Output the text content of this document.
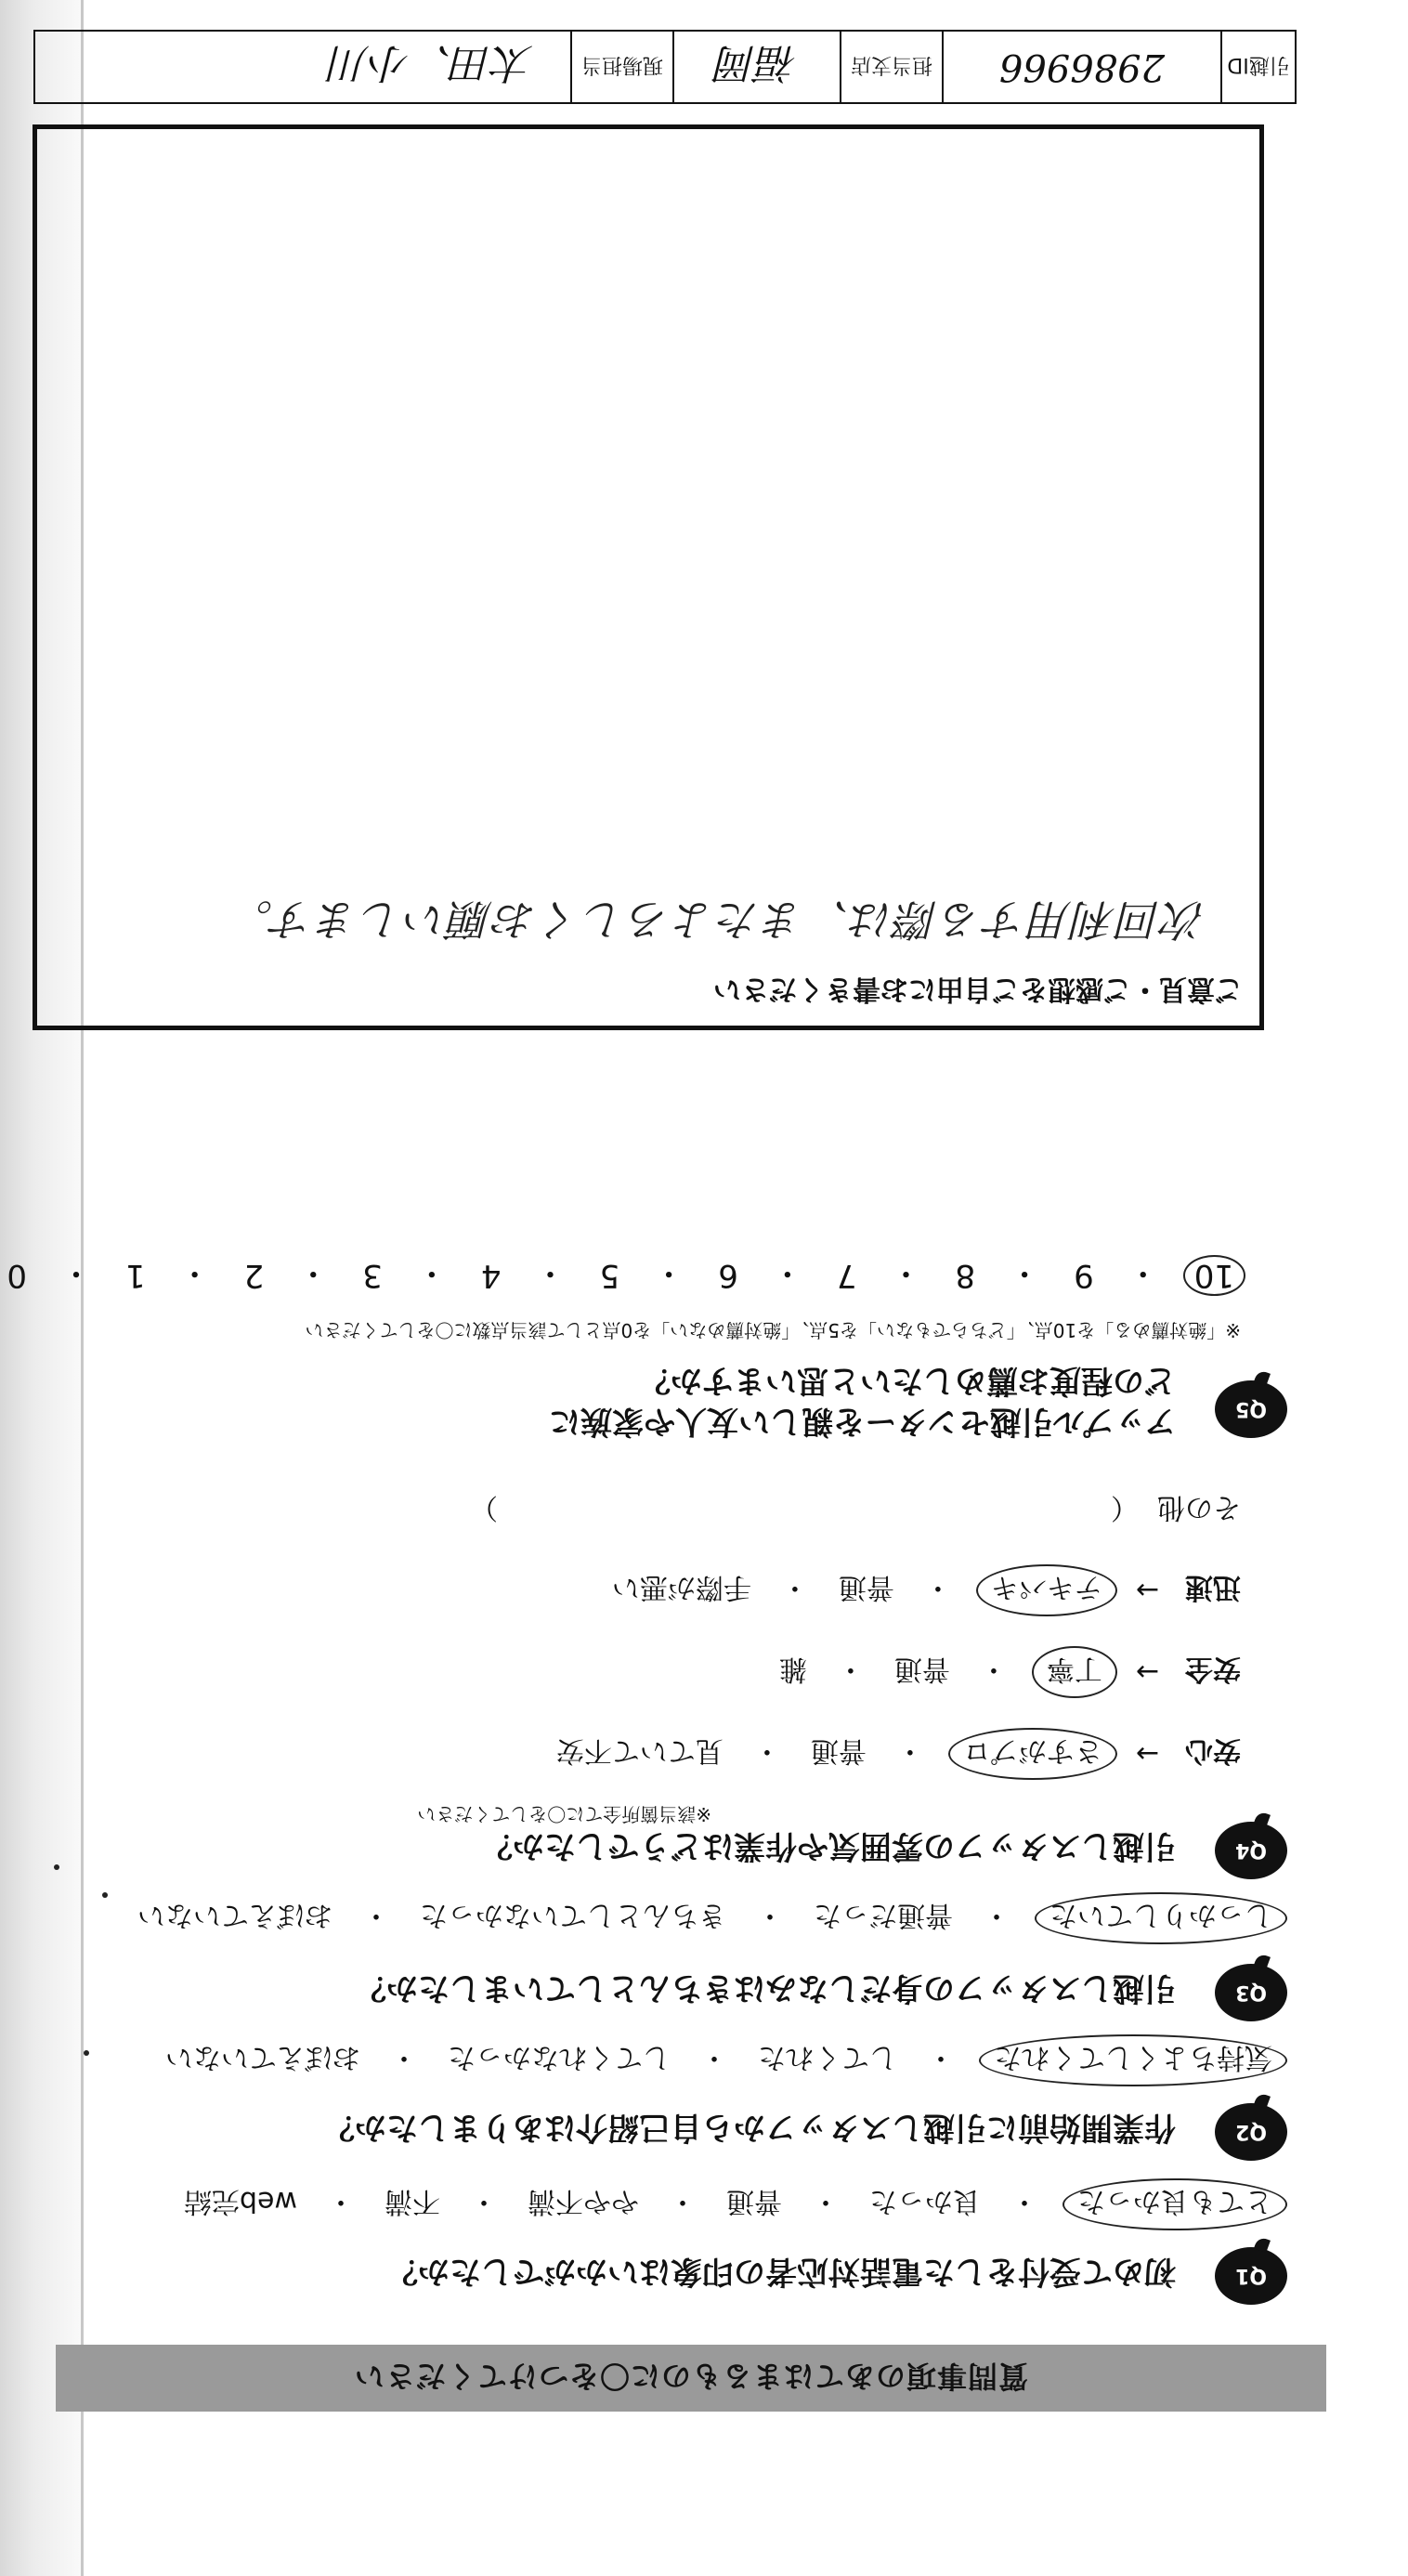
質問事項のあてはまるものに〇をつけてください
Q1
初めて受付をした電話対応者の印象はいかがでしたか？
とても良かった
・
良かった
・
普通
・
やや不満
・
不満
・
web完結
Q2
作業開始前に引越しスタッフから自己紹介はありましたか？
気持ちよくしてくれた
・
してくれた
・
してくれなかった
・
おぼえていない
Q3
引越しスタッフの身だしなみはきちんとしていましたか？
しっかりしていた
・
普通だった
・
きちんとしていなかった
・
おぼえていない
Q4
引越しスタッフの雰囲気や作業はどうでしたか？
※該当箇所全てに〇をしてください
安心
→
さすがプロ
・
普通
・
見ていて不安
安全
→
丁寧
・
普通
・
雑
迅速
→
テキパキ
・
普通
・
手際が悪い
その他
（
）
Q5
アップル引越センターを親しい友人や家族に
どの程度お薦めしたいと思いますか？
※「絶対薦める」を10点、「どちらでもない」を5点、「絶対薦めない」を0点として該当点数に〇をしてください
10
・
9
・
8
・
7
・
6
・
5
・
4
・
3
・
2
・
1
・
0
ご意見・ご感想をご自由にお書きください
次回利用する際は、またよろしくお願いします。
引越ID
2986966
担当支店
福岡
現場担当
太田、小川
